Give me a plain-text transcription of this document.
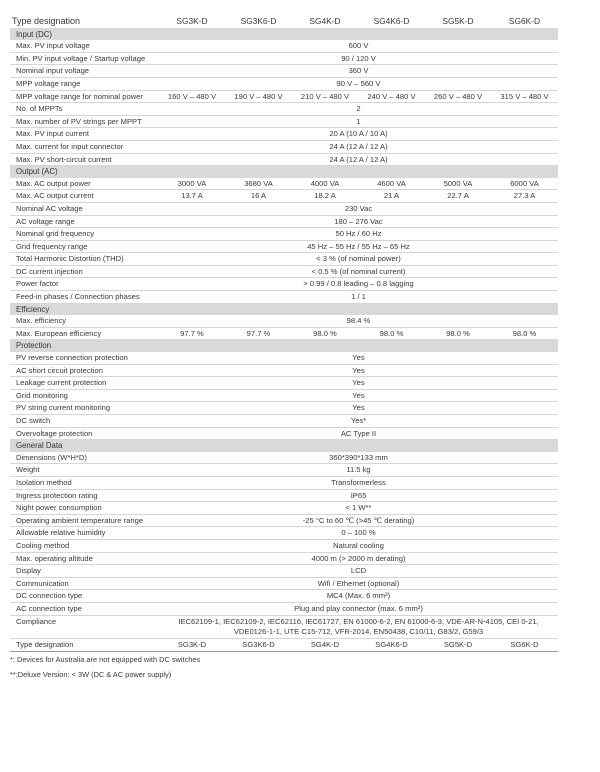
Type designation	SG3K-D	SG3K6-D	SG4K-D	SG4K6-D	SG5K-D	SG6K-D
Input (DC)						
Max. PV input voltage	600 V					
Min. PV input voltage / Startup voltage	90 / 120 V					
Nominal input voltage	360 V					
MPP voltage range	90 V – 560 V					
MPP voltage range for nominal power	160 V – 480 V	190 V – 480 V	210 V – 480 V	240 V – 480 V	260 V – 480 V	315 V – 480 V
No. of MPPTs	2					
Max. number of PV strings per MPPT	1					
Max. PV input current	20 A (10 A / 10 A)					
Max. current for input connector	24 A (12 A / 12 A)					
Max. PV short-circuit current	24 A (12 A / 12 A)					
Output (AC)						
Max. AC output power	3000 VA	3680 VA	4000 VA	4600 VA	5000 VA	6000 VA
Max. AC output current	13.7 A	16 A	18.2 A	21 A	22.7 A	27.3 A
Nominal AC voltage	230 Vac					
AC voltage range	180 – 276 Vac					
Nominal grid frequency	50 Hz / 60 Hz					
Grid frequency range	45 Hz – 55 Hz / 55 Hz – 65 Hz					
Total Harmonic Distortion (THD)	< 3 % (of nominal power)					
DC current injection	< 0.5 % (of nominal current)					
Power factor	> 0.99 / 0.8 leading – 0.8 lagging					
Feed-in phases / Connection phases	1 / 1					
Efficiency						
Max. efficiency	98.4 %					
Max. European efficiency	97.7 %	97.7 %	98.0 %	98.0 %	98.0 %	98.0 %
Protection						
PV reverse connection protection	Yes					
AC short circuit protection	Yes					
Leakage current protection	Yes					
Grid monitoring	Yes					
PV string current monitoring	Yes					
DC switch	Yes*					
Overvoltage protection	AC Type II					
General Data						
Dimensions (W*H*D)	360*390*133 mm					
Weight	11.5 kg					
Isolation method	Transformerless					
Ingress protection rating	IP65					
Night power consumption	< 1 W**					
Operating ambient temperature range	-25 °C to 60 ℃ (>45 ℃ derating)					
Allowable relative humidity	0 – 100 %					
Cooling method	Natural cooling					
Max. operating altitude	4000 m (> 2000 m derating)					
Display	LCD					
Communication	Wifi / Ethernet (optional)					
DC connection type	MC4 (Max. 6 mm²)					
AC connection type	Plug and play connector (max. 6 mm²)					
Compliance	IEC62109-1, IEC62109-2, IEC62116, IEC61727, EN 61000-6-2, EN 61000-6-3, VDE-AR-N-4105, CEI 0-21, VDE0126-1-1, UTE C15-712, VFR-2014, EN50438, C10/11, G83/2, G59/3					
Type designation	SG3K-D	SG3K6-D	SG4K-D	SG4K6-D	SG5K-D	SG6K-D
*: Devices for Australia are not equipped with DC switches
**:Deluxe Version: < 3W (DC & AC power supply)
